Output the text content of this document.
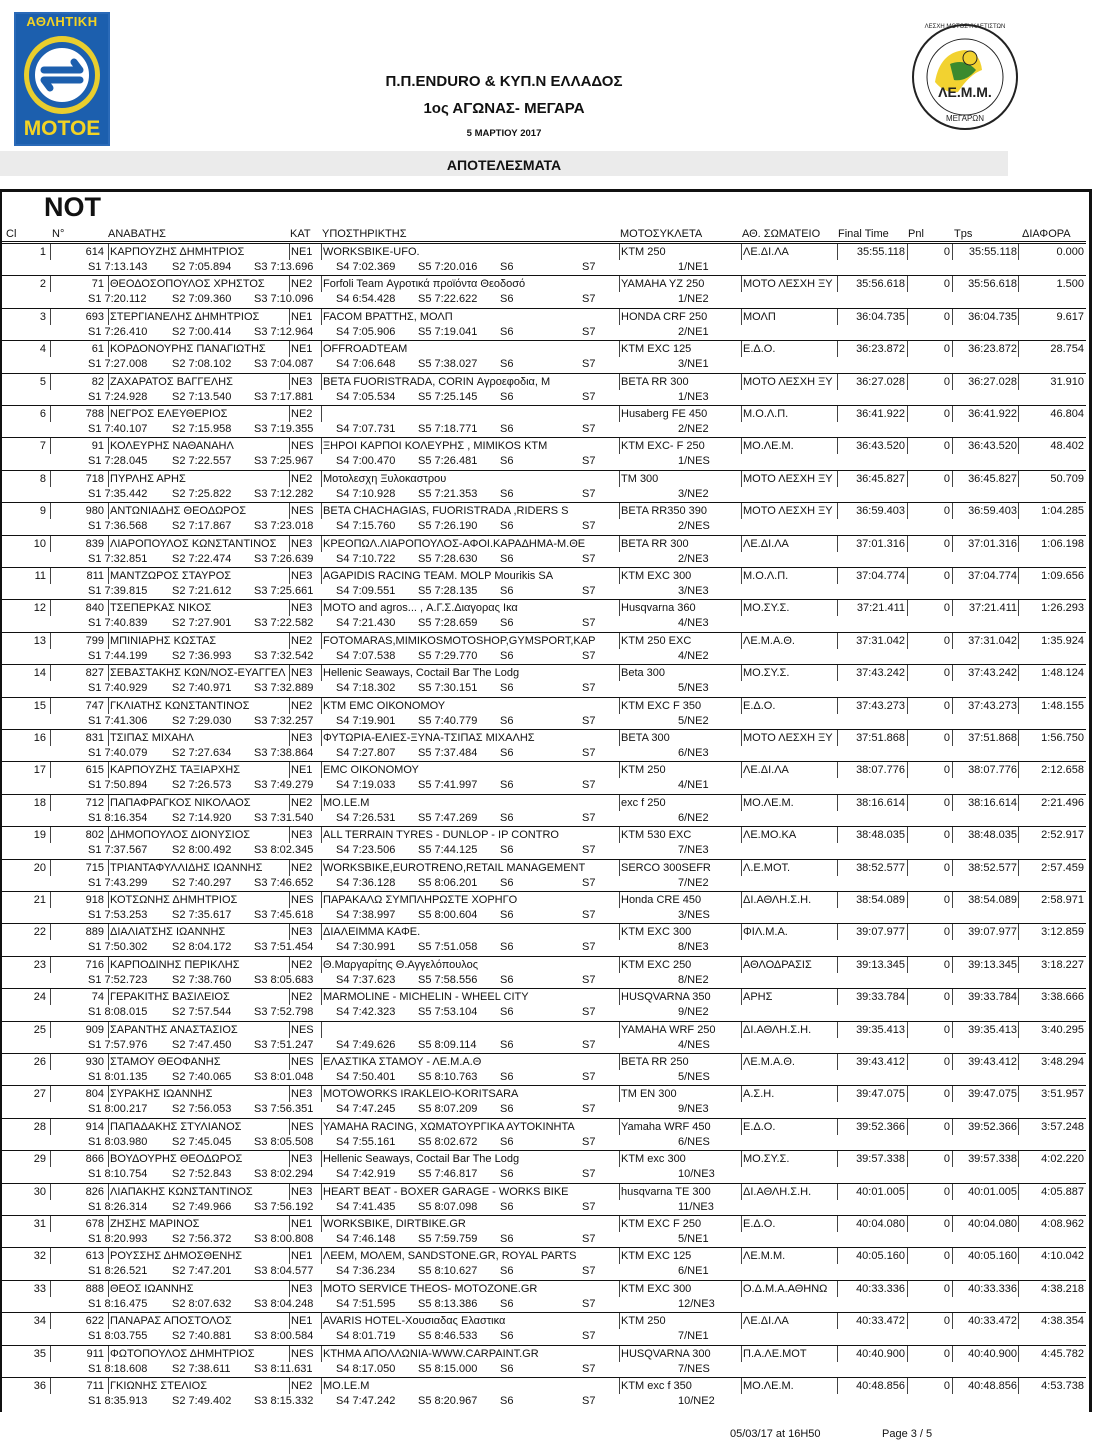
ΑΘΛΗΤΙΚΗ
ΜΟΤΟΕ
ΛΕ.Μ.Μ.
ΛΕΣΧΗ ΜΟΤΟΣΥΚΛΕΤΙΣΤΩΝ
ΜΕΓΑΡΩΝ
Π.Π.ENDURO & ΚΥΠ.Ν ΕΛΛΑΔΟΣ
1ος ΑΓΩΝΑΣ- ΜΕΓΑΡΑ
5 ΜΑΡΤΙΟΥ 2017
ΑΠΟΤΕΛΕΣΜΑΤΑ
NOT
Cl	N°	ΑΝΑΒΑΤΗΣ	ΚΑΤ ΥΠΟΣΤΗΡΙΚΤΗΣ	ΜΟΤΟΣΥΚΛΕΤΑ	ΑΘ. ΣΩΜΑΤΕΙΟ Final Time Pnl	Tps	ΔΙΑΦΟΡΑ
1	614 ΚΑΡΠΟΥΖΗΣ ΔΗΜΗΤΡΙΟΣ	NE1 WORKSBIKE-UFO.	KTM 250	ΛΕ.ΔΙ.ΛΑ	35:55.118	0	35:55.118	0.000
S1 7:13.143 S2 7:05.894 S3 7:13.696 S4 7:02.369 S5 7:20.016 S6	S7	1/NE1
2	71 ΘΕΟΔΟΣΟΠΟΥΛΟΣ ΧΡΗΣΤΟΣ	NE2 Forfoli Team Αγροτικά προϊόντα Θεοδοσό	YAMAHA YZ 250	ΜΟΤΟ ΛΕΣΧΗ ΞΥ	35:56.618	0	35:56.618	1.500
S1 7:20.112 S2 7:09.360 S3 7:10.096 S4 6:54.428 S5 7:22.622 S6	S7	1/NE2
3	693 ΣΤΕΡΓΙΑΝΕΛΗΣ ΔΗΜΗΤΡΙΟΣ	NE1 FACOM ΒΡΑΤΤΗΣ, ΜΟΛΠ	HONDA CRF 250	ΜΟΛΠ	36:04.735	0	36:04.735	9.617
S1 7:26.410 S2 7:00.414 S3 7:12.964 S4 7:05.906 S5 7:19.041 S6	S7	2/NE1
4	61 ΚΟΡΔΟΝΟΥΡΗΣ ΠΑΝΑΓΙΩΤΗΣ	NE1 OFFROADTEAM	KTM EXC 125	Ε.Δ.Ο.	36:23.872	0	36:23.872	28.754
S1 7:27.008 S2 7:08.102 S3 7:04.087 S4 7:06.648 S5 7:38.027 S6	S7	3/NE1
5	82 ΖΑΧΑΡΑΤΟΣ ΒΑΓΓΕΛΗΣ	NE3 BETA FUORISTRADA, CORIN Αγροεφοδια, Μ	BETA RR 300	ΜΟΤΟ ΛΕΣΧΗ ΞΥ	36:27.028	0	36:27.028	31.910
S1 7:24.928 S2 7:13.540 S3 7:17.881 S4 7:05.534 S5 7:25.145 S6	S7	1/NE3
6	788 ΝΕΓΡΟΣ ΕΛΕΥΘΕΡΙΟΣ	NE2	Husaberg FE 450	Μ.Ο.Λ.Π.	36:41.922	0	36:41.922	46.804
S1 7:40.107 S2 7:15.958 S3 7:19.355 S4 7:07.731 S5 7:18.771 S6	S7	2/NE2
7	91 ΚΟΛΕΥΡΗΣ ΝΑΘΑΝΑΗΛ	NES ΞΗΡΟΙ ΚΑΡΠΟΙ ΚΟΛΕΥΡΗΣ , MIMIKOS KTM	KTM EXC- F 250	ΜΟ.ΛΕ.Μ.	36:43.520	0	36:43.520	48.402
S1 7:28.045 S2 7:22.557 S3 7:25.967 S4 7:00.470 S5 7:26.481 S6	S7	1/NES
8	718 ΠΥΡΛΗΣ ΑΡΗΣ	NE2 Μοτολεσχη Ξυλοκαστρου	TM 300	ΜΟΤΟ ΛΕΣΧΗ ΞΥ	36:45.827	0	36:45.827	50.709
S1 7:35.442 S2 7:25.822 S3 7:12.282 S4 7:10.928 S5 7:21.353 S6	S7	3/NE2
9	980 ΑΝΤΩΝΙΑΔΗΣ ΘΕΟΔΩΡΟΣ	NES BETA CHACHAGIAS, FUORISTRADA ,RIDERS S	BETA RR350 390	ΜΟΤΟ ΛΕΣΧΗ ΞΥ	36:59.403	0	36:59.403	1:04.285
S1 7:36.568 S2 7:17.867 S3 7:23.018 S4 7:15.760 S5 7:26.190 S6	S7	2/NES
10	839 ΛΙΑΡΟΠΟΥΛΟΣ ΚΩΝΣΤΑΝΤΙΝΟΣ	NE3 ΚΡΕΟΠΩΛ.ΛΙΑΡΟΠΟΥΛΟΣ-ΑΦΟΙ.ΚΑΡΑΔΗΜΑ-Μ.ΘΕ	BETA RR 300	ΛΕ.ΔΙ.ΛΑ	37:01.316	0	37:01.316	1:06.198
S1 7:32.851 S2 7:22.474 S3 7:26.639 S4 7:10.722 S5 7:28.630 S6	S7	2/NE3
11	811 ΜΑΝΤΖΩΡΟΣ ΣΤΑΥΡΟΣ	NE3 AGAPIDIS RACING TEAM. MOLP Mourikis SA	KTM EXC 300	Μ.Ο.Λ.Π.	37:04.774	0	37:04.774	1:09.656
S1 7:39.815 S2 7:21.612 S3 7:25.661 S4 7:09.551 S5 7:28.135 S6	S7	3/NE3
12	840 ΤΣΕΠΕΡΚΑΣ ΝΙΚΟΣ	NE3 MOTO and agros... , Α.Γ.Σ.Διαγορας Ικα	Husqvarna 360	ΜΟ.ΣΥ.Σ.	37:21.411	0	37:21.411	1:26.293
S1 7:40.839 S2 7:27.901 S3 7:22.582 S4 7:21.430 S5 7:28.659 S6	S7	4/NE3
13	799 ΜΠΙΝΙΑΡΗΣ ΚΩΣΤΑΣ	NE2 FOTOMARAS,MIMIKOSMOTOSHOP,GYMSPORT,KAP	KTM 250 EXC	ΛΕ.Μ.Α.Θ.	37:31.042	0	37:31.042	1:35.924
S1 7:44.199 S2 7:36.993 S3 7:32.542 S4 7:07.538 S5 7:29.770 S6	S7	4/NE2
14	827 ΣΕΒΑΣΤΑΚΗΣ ΚΩΝ/ΝΟΣ-ΕΥΑΓΓΕΛ NE3 Hellenic Seaways, Coctail Bar The Lodg	Beta 300	ΜΟ.ΣΥ.Σ.	37:43.242	0	37:43.242	1:48.124
S1 7:40.929 S2 7:40.971 S3 7:32.889 S4 7:18.302 S5 7:30.151 S6	S7	5/NE3
15	747 ΓΚΛΙΑΤΗΣ ΚΩΝΣΤΑΝΤΙΝΟΣ	NE2 KTM EMC ΟΙΚΟΝΟΜΟΥ	KTM EXC F 350	Ε.Δ.Ο.	37:43.273	0	37:43.273	1:48.155
S1 7:41.306 S2 7:29.030 S3 7:32.257 S4 7:19.901 S5 7:40.779 S6	S7	5/NE2
16	831 ΤΣΙΠΑΣ ΜΙΧΑΗΛ	NE3 ΦΥΤΩΡΙΑ-ΕΛΙΕΣ-ΞΥΝΑ-ΤΣΙΠΑΣ ΜΙΧΑΛΗΣ	BETA 300	ΜΟΤΟ ΛΕΣΧΗ ΞΥ	37:51.868	0	37:51.868	1:56.750
S1 7:40.079 S2 7:27.634 S3 7:38.864 S4 7:27.807 S5 7:37.484 S6	S7	6/NE3
17	615 ΚΑΡΠΟΥΖΗΣ ΤΑΞΙΑΡΧΗΣ	NE1 EMC ΟΙΚΟΝΟΜΟΥ	KTM 250	ΛΕ.ΔΙ.ΛΑ	38:07.776	0	38:07.776	2:12.658
S1 7:50.894 S2 7:26.573 S3 7:49.279 S4 7:19.033 S5 7:41.997 S6	S7	4/NE1
18	712 ΠΑΠΑΦΡΑΓΚΟΣ ΝΙΚΟΛΑΟΣ	NE2 ΜΟ.LE.M	exc f 250	ΜΟ.ΛΕ.Μ.	38:16.614	0	38:16.614	2:21.496
S1 8:16.354 S2 7:14.920 S3 7:31.540 S4 7:26.531 S5 7:47.269 S6	S7	6/NE2
19	802 ΔΗΜΟΠΟΥΛΟΣ ΔΙΟΝΥΣΙΟΣ	NE3 ALL TERRAIN TYRES - DUNLOP - IP CONTRO	KTM 530 EXC	ΛΕ.ΜΟ.ΚΑ	38:48.035	0	38:48.035	2:52.917
S1 7:37.567 S2 8:00.492 S3 8:02.345 S4 7:23.506 S5 7:44.125 S6	S7	7/NE3
20	715 ΤΡΙΑΝΤΑΦΥΛΛΙΔΗΣ ΙΩΑΝΝΗΣ	NE2 WORKSBIKE,EUROTRENO,RETAIL MANAGEMENT	SERCO 300SEFR	Λ.Ε.ΜΟΤ.	38:52.577	0	38:52.577	2:57.459
S1 7:43.299 S2 7:40.297 S3 7:46.652 S4 7:36.128 S5 8:06.201 S6	S7	7/NE2
21	918 ΚΟΤΣΩΝΗΣ ΔΗΜΗΤΡΙΟΣ	NES ΠΑΡΑΚΑΛΩ ΣΥΜΠΛΗΡΩΣΤΕ ΧΟΡΗΓΟ	Honda CRE 450	ΔΙ.ΑΘΛΗ.Σ.Η.	38:54.089	0	38:54.089	2:58.971
S1 7:53.253 S2 7:35.617 S3 7:45.618 S4 7:38.997 S5 8:00.604 S6	S7	3/NES
22	889 ΔΙΑΛΙΑΤΣΗΣ ΙΩΑΝΝΗΣ	NE3 ΔΙΑΛΕΙΜΜΑ ΚΑΦΕ.	KTM EXC 300	ΦΙΛ.Μ.Α.	39:07.977	0	39:07.977	3:12.859
S1 7:50.302 S2 8:04.172 S3 7:51.454 S4 7:30.991 S5 7:51.058 S6	S7	8/NE3
23	716 ΚΑΡΠΟΔΙΝΗΣ ΠΕΡΙΚΛΗΣ	NE2 Θ.Μαργαρίτης Θ.Αγγελόπουλος	KTM EXC 250	ΑΘΛΟΔΡΑΣΙΣ	39:13.345	0	39:13.345	3:18.227
S1 7:52.723 S2 7:38.760 S3 8:05.683 S4 7:37.623 S5 7:58.556 S6	S7	8/NE2
24	74 ΓΕΡΑΚΙΤΗΣ ΒΑΣΙΛΕΙΟΣ	NE2 MARMOLINE - MICHELIN - WHEEL CITY	HUSQVARNA 350	ΑΡΗΣ	39:33.784	0	39:33.784	3:38.666
S1 8:08.015 S2 7:57.544 S3 7:52.798 S4 7:42.323 S5 7:53.104 S6	S7	9/NE2
25	909 ΣΑΡΑΝΤΗΣ ΑΝΑΣΤΑΣΙΟΣ	NES	YAMAHA WRF 250	ΔΙ.ΑΘΛΗ.Σ.Η.	39:35.413	0	39:35.413	3:40.295
S1 7:57.976 S2 7:47.450 S3 7:51.247 S4 7:49.626 S5 8:09.114 S6	S7	4/NES
26	930 ΣΤΑΜΟΥ ΘΕΟΦΑΝΗΣ	NES ΕΛΑΣΤΙΚΑ ΣΤΑΜΟΥ - ΛΕ.Μ.Α.Θ	BETA RR 250	ΛΕ.Μ.Α.Θ.	39:43.412	0	39:43.412	3:48.294
S1 8:01.135 S2 7:40.065 S3 8:01.048 S4 7:50.401 S5 8:10.763 S6	S7	5/NES
27	804 ΣΥΡΑΚΗΣ ΙΩΑΝΝΗΣ	NE3 MOTOWORKS IRAKLEIO-KORITSARA	TM EN 300	Α.Σ.Η.	39:47.075	0	39:47.075	3:51.957
S1 8:00.217 S2 7:56.053 S3 7:56.351 S4 7:47.245 S5 8:07.209 S6	S7	9/NE3
28	914 ΠΑΠΑΔΑΚΗΣ ΣΤΥΛΙΑΝΟΣ	NES YAMAHA RACING, ΧΩΜΑΤΟΥΡΓΙΚΑ ΑΥΤΟΚΙΝΗΤΑ	Yamaha WRF 450	Ε.Δ.Ο.	39:52.366	0	39:52.366	3:57.248
S1 8:03.980 S2 7:45.045 S3 8:05.508 S4 7:55.161 S5 8:02.672 S6	S7	6/NES
29	866 ΒΟΥΔΟΥΡΗΣ ΘΕΟΔΩΡΟΣ	NE3 Hellenic Seaways, Coctail Bar The Lodg	KTM exc 300	ΜΟ.ΣΥ.Σ.	39:57.338	0	39:57.338	4:02.220
S1 8:10.754 S2 7:52.843 S3 8:02.294 S4 7:42.919 S5 7:46.817 S6	S7	10/NE3
30	826 ΛΙΑΠΑΚΗΣ ΚΩΝΣΤΑΝΤΙΝΟΣ	NE3 HEART BEAT - BOXER GARAGE - WORKS BIKE	husqvarna TE 300	ΔΙ.ΑΘΛΗ.Σ.Η.	40:01.005	0	40:01.005	4:05.887
S1 8:26.314 S2 7:49.966 S3 7:56.192 S4 7:41.435 S5 8:07.098 S6	S7	11/NE3
31	678 ΖΗΣΗΣ ΜΑΡΙΝΟΣ	NE1 WORKSBIKE, DIRTBIKE.GR	KTM EXC F 250	Ε.Δ.Ο.	40:04.080	0	40:04.080	4:08.962
S1 8:20.993 S2 7:56.372 S3 8:00.808 S4 7:46.148 S5 7:59.759 S6	S7	5/NE1
32	613 ΡΟΥΣΣΗΣ ΔΗΜΟΣΘΕΝΗΣ	NE1 ΛΕΕΜ, ΜΟΛΕΜ, SANDSTONE.GR, ROYAL PARTS	KTM EXC 125	ΛΕ.Μ.Μ.	40:05.160	0	40:05.160	4:10.042
S1 8:26.521 S2 7:47.201 S3 8:04.577 S4 7:36.234 S5 8:10.627 S6	S7	6/NE1
33	888 ΘΕΟΣ ΙΩΑΝΝΗΣ	NE3 MOTO SERVICE THEOS- MOTOZONE.GR	KTM EXC 300	Ο.Δ.Μ.Α.ΑΘΗΝΩ	40:33.336	0	40:33.336	4:38.218
S1 8:16.475 S2 8:07.632 S3 8:04.248 S4 7:51.595 S5 8:13.386 S6	S7	12/NE3
34	622 ΠΑΝΑΡΑΣ ΑΠΟΣΤΟΛΟΣ	NE1 AVARIS HOTEL-Χουσιαδας Ελαστικα	KTM 250	ΛΕ.ΔΙ.ΛΑ	40:33.472	0	40:33.472	4:38.354
S1 8:03.755 S2 7:40.881 S3 8:00.584 S4 8:01.719 S5 8:46.533 S6	S7	7/NE1
35	911 ΦΩΤΟΠΟΥΛΟΣ ΔΗΜΗΤΡΙΟΣ	NES ΚΤΗΜΑ ΑΠΟΛΛΩΝΙΑ-WWW.CARPAINT.GR	HUSQVARNA 300	Π.Α.ΛΕ.ΜΟΤ	40:40.900	0	40:40.900	4:45.782
S1 8:18.608 S2 7:38.611 S3 8:11.631 S4 8:17.050 S5 8:15.000 S6	S7	7/NES
36	711 ΓΚΙΩΝΗΣ ΣΤΕΛΙΟΣ	NE2 ΜΟ.LE.M	KTM exc f 350	ΜΟ.ΛΕ.Μ.	40:48.856	0	40:48.856	4:53.738
S1 8:35.913 S2 7:49.402 S3 8:15.332 S4 7:47.242 S5 8:20.967 S6	S7	10/NE2
05/03/17 at 16H50	Page 3 / 5
